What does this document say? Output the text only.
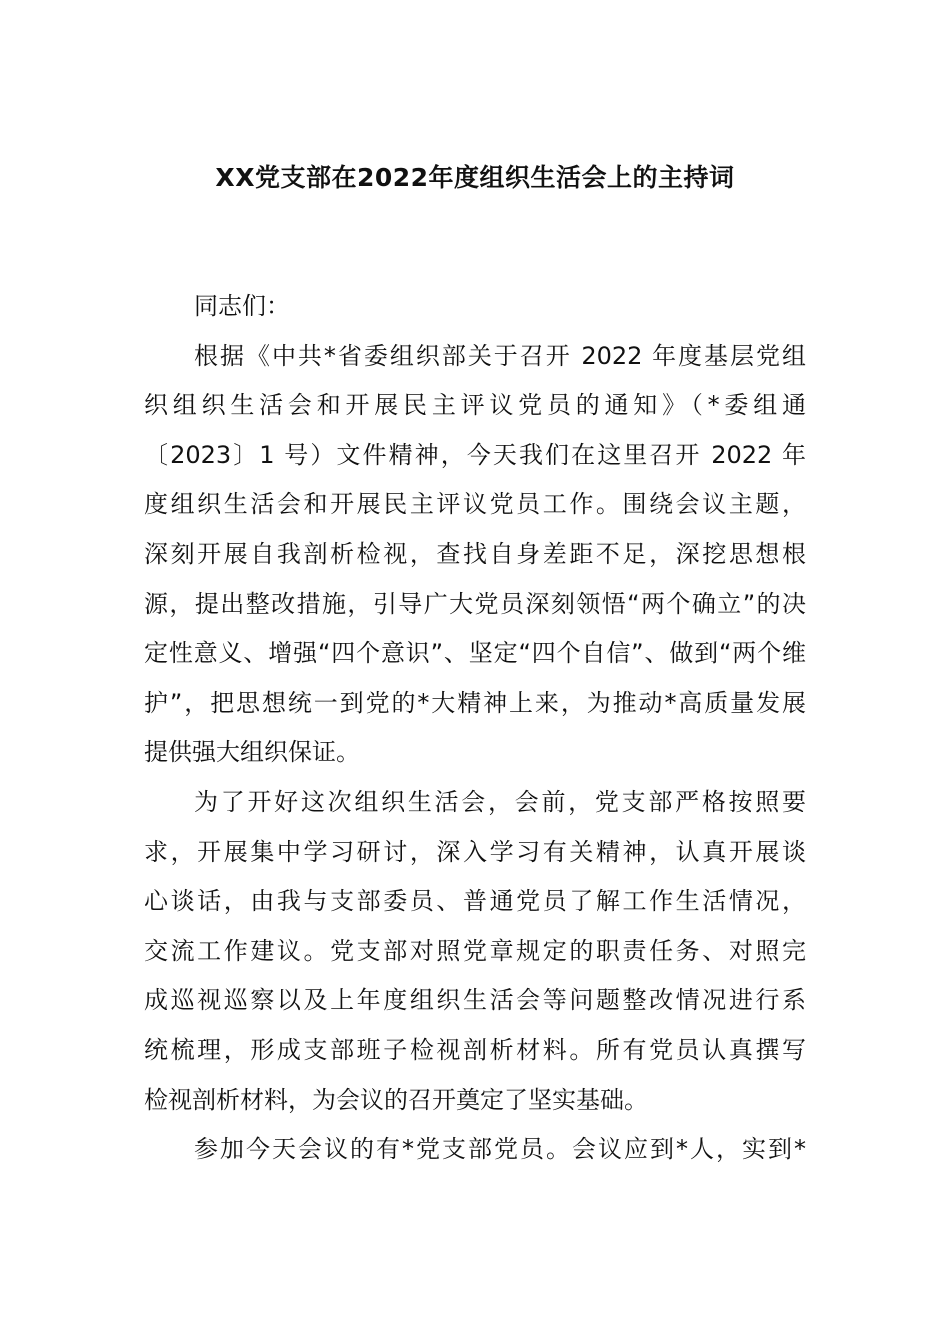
XX党支部在2022年度组织生活会上的主持词
同志们：
根据《中共*省委组织部关于召开 2022 年度基层党组
织组织生活会和开展民主评议党员的通知》（*委组通
〔2023〕1 号）文件精神，今天我们在这里召开 2022 年
度组织生活会和开展民主评议党员工作。围绕会议主题，
深刻开展自我剖析检视，查找自身差距不足，深挖思想根
源，提出整改措施，引导广大党员深刻领悟“两个确立”的决
定性意义、增强“四个意识”、坚定“四个自信”、做到“两个维
护”，把思想统一到党的*大精神上来，为推动*高质量发展
提供强大组织保证。
为了开好这次组织生活会，会前，党支部严格按照要
求，开展集中学习研讨，深入学习有关精神，认真开展谈
心谈话，由我与支部委员、普通党员了解工作生活情况，
交流工作建议。党支部对照党章规定的职责任务、对照完
成巡视巡察以及上年度组织生活会等问题整改情况进行系
统梳理，形成支部班子检视剖析材料。所有党员认真撰写
检视剖析材料，为会议的召开奠定了坚实基础。
参加今天会议的有*党支部党员。会议应到*人，实到*
